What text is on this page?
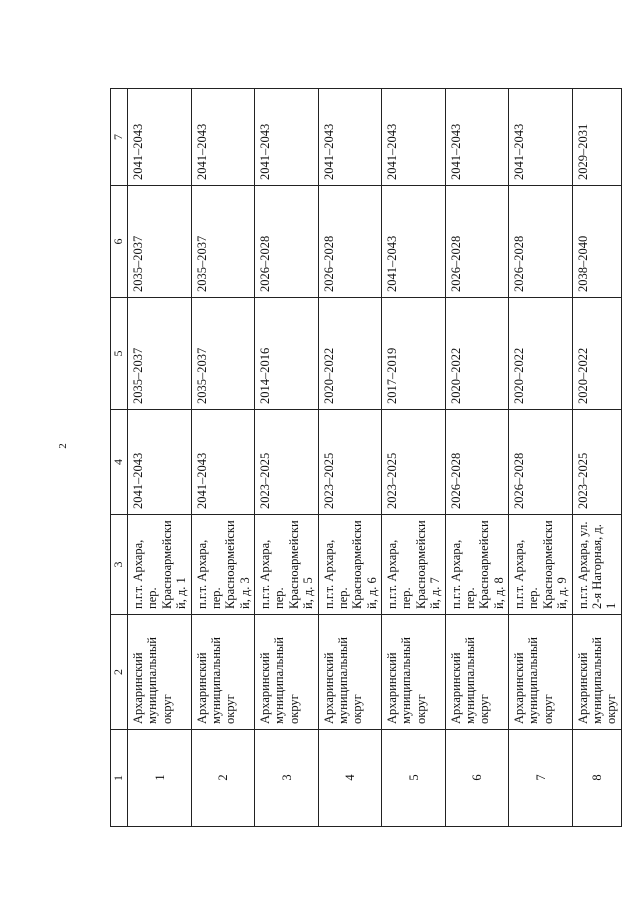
2
1	2	3	4	5	6	7
1	Архаринский муниципальный округ	п.г.т. Архара, пер. Красноармейский, д. 1	2041–2043	2035–2037	2035–2037	2041–2043
2	Архаринский муниципальный округ	п.г.т. Архара, пер. Красноармейский, д. 3	2041–2043	2035–2037	2035–2037	2041–2043
3	Архаринский муниципальный округ	п.г.т. Архара, пер. Красноармейский, д. 5	2023–2025	2014–2016	2026–2028	2041–2043
4	Архаринский муниципальный округ	п.г.т. Архара, пер. Красноармейский, д. 6	2023–2025	2020–2022	2026–2028	2041–2043
5	Архаринский муниципальный округ	п.г.т. Архара, пер. Красноармейский, д. 7	2023–2025	2017–2019	2041–2043	2041–2043
6	Архаринский муниципальный округ	п.г.т. Архара, пер. Красноармейский, д. 8	2026–2028	2020–2022	2026–2028	2041–2043
7	Архаринский муниципальный округ	п.г.т. Архара, пер. Красноармейский, д. 9	2026–2028	2020–2022	2026–2028	2041–2043
8	Архаринский муниципальный округ	п.г.т. Архара, ул. 2-я Нагорная, д. 1	2023–2025	2020–2022	2038–2040	2029–2031
